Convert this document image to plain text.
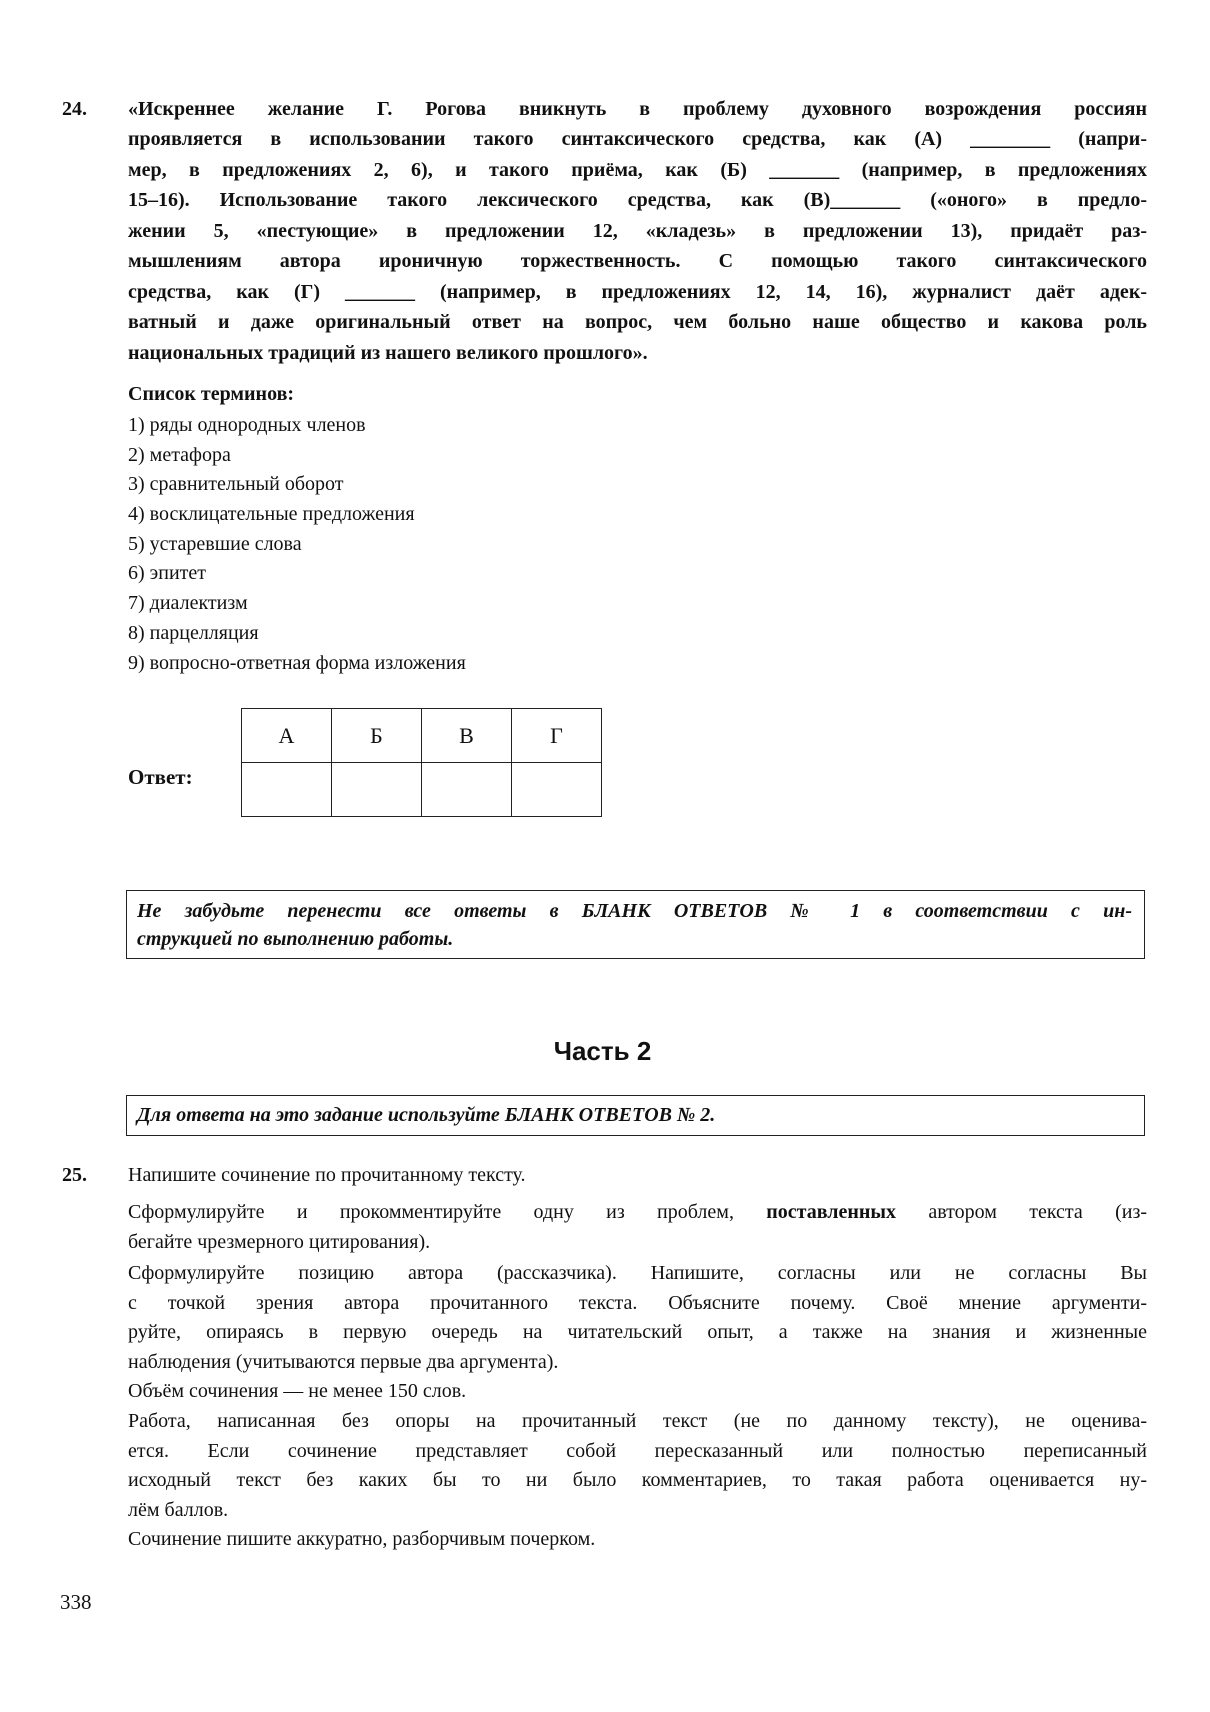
24. «Искреннее желание Г. Рогова вникнуть в проблему духовного возрождения россиян
проявляется в использовании такого синтаксического средства, как (А) ________ (напри-
мер, в предложениях 2, 6), и такого приёма, как (Б) _______ (например, в предложениях
15–16). Использование такого лексического средства, как (В)_______ («оного» в предло-
жении 5, «пестующие» в предложении 12, «кладезь» в предложении 13), придаёт раз-
мышлениям автора ироничную торжественность. С помощью такого синтаксического
средства, как (Г) _______ (например, в предложениях 12, 14, 16), журналист даёт адек-
ватный и даже оригинальный ответ на вопрос, чем больно наше общество и какова роль
национальных традиций из нашего великого прошлого».
Список терминов:
1) ряды однородных членов
2) метафора
3) сравнительный оборот
4) восклицательные предложения
5) устаревшие слова
6) эпитет
7) диалектизм
8) парцелляция
9) вопросно-ответная форма изложения
Ответ:
А	Б	В	Г

Не забудьте перенести все ответы в БЛАНК ОТВЕТОВ № 1 в соответствии с ин-
струкцией по выполнению работы.
Часть 2
Для ответа на это задание используйте БЛАНК ОТВЕТОВ № 2.
25. Напишите сочинение по прочитанному тексту.
Сформулируйте и прокомментируйте одну из проблем, поставленных автором текста (из-
бегайте чрезмерного цитирования).
Сформулируйте позицию автора (рассказчика). Напишите, согласны или не согласны Вы
с точкой зрения автора прочитанного текста. Объясните почему. Своё мнение аргументи-
руйте, опираясь в первую очередь на читательский опыт, а также на знания и жизненные
наблюдения (учитываются первые два аргумента).
Объём сочинения — не менее 150 слов.
Работа, написанная без опоры на прочитанный текст (не по данному тексту), не оценива-
ется. Если сочинение представляет собой пересказанный или полностью переписанный
исходный текст без каких бы то ни было комментариев, то такая работа оценивается ну-
лём баллов.
Сочинение пишите аккуратно, разборчивым почерком.
338
